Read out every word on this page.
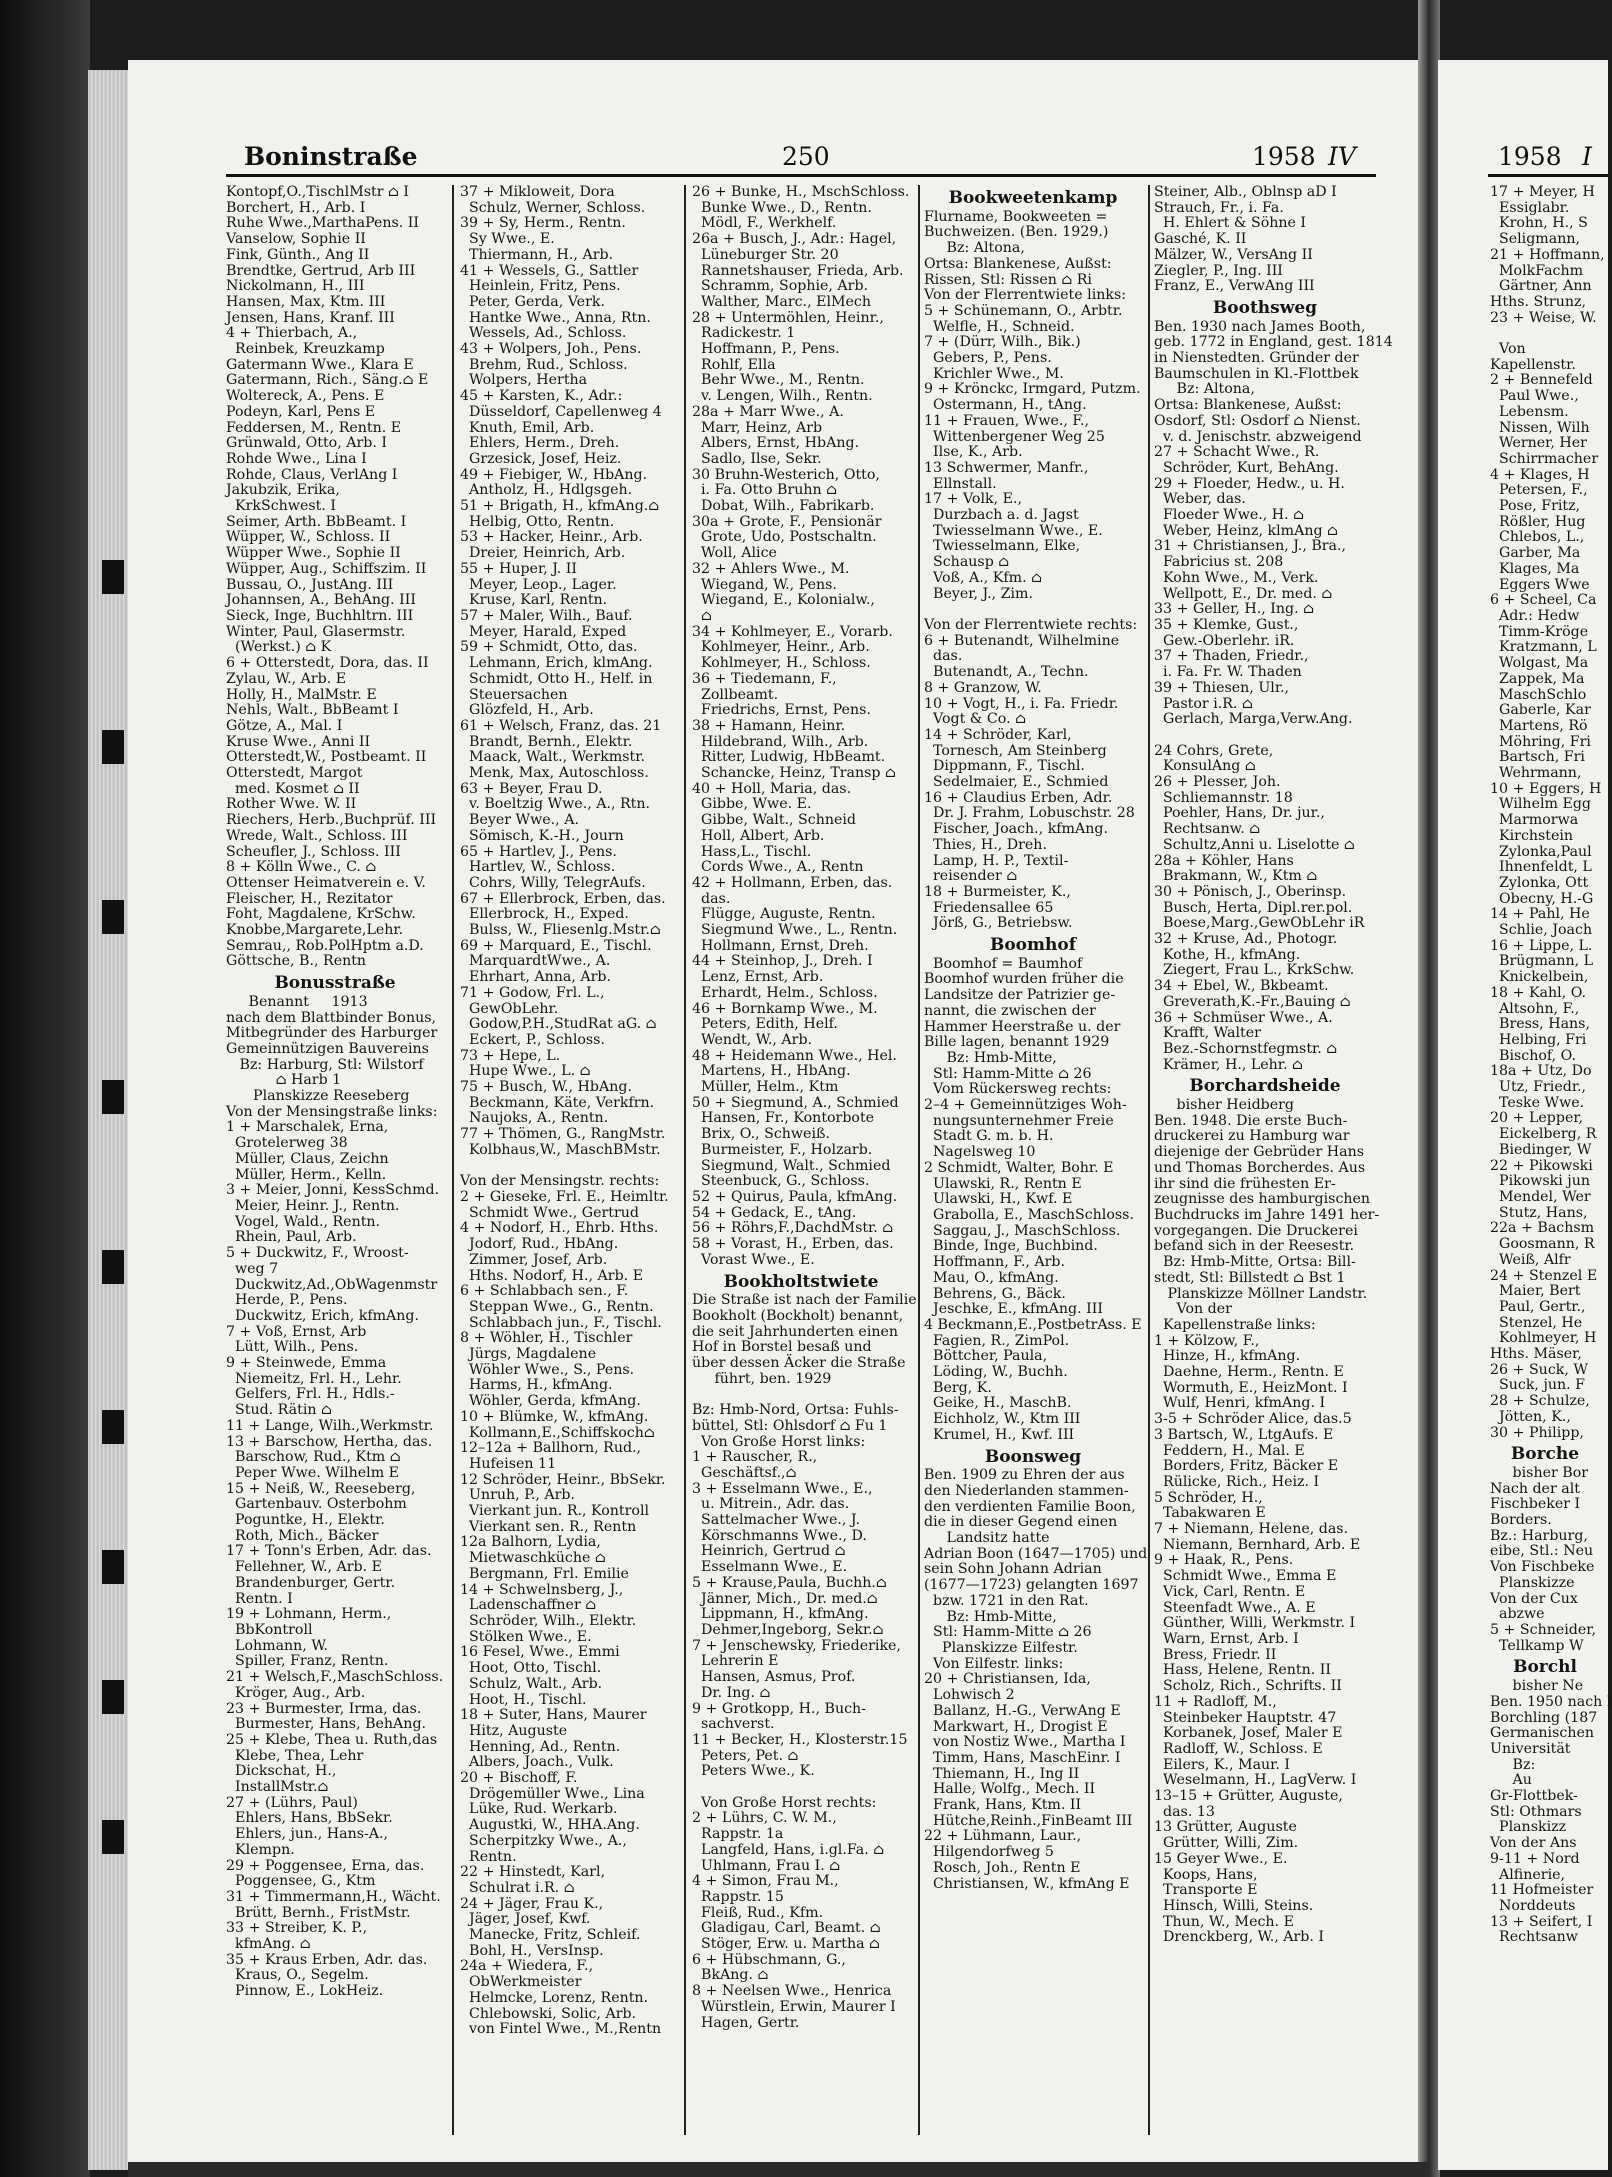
Boninstraße	250	1958 IV	1958 I
Kontopf,O.,TischlMstr ⌂ I
Borchert, H., Arb. I
Ruhe Wwe.,MarthaPens. II
Vanselow, Sophie II
Fink, Günth., Ang II
Brendtke, Gertrud, Arb III
Nickolmann, H., III
Hansen, Max, Ktm. III
Jensen, Hans, Kranf. III
4 + Thierbach, A.,
Reinbek, Kreuzkamp
Gatermann Wwe., Klara E
Gatermann, Rich., Säng.⌂ E
Woltereck, A., Pens. E
Podeyn, Karl, Pens E
Feddersen, M., Rentn. E
Grünwald, Otto, Arb. I
Rohde Wwe., Lina I
Rohde, Claus, VerlAng I
Jakubzik, Erika,
KrkSchwest. I
Seimer, Arth. BbBeamt. I
Wüpper, W., Schloss. II
Wüpper Wwe., Sophie II
Wüpper, Aug., Schiffszim. II
Bussau, O., JustAng. III
Johannsen, A., BehAng. III
Sieck, Inge, Buchhltrn. III
Winter, Paul, Glasermstr.
(Werkst.) ⌂ K
6 + Otterstedt, Dora, das. II
Zylau, W., Arb. E
Holly, H., MalMstr. E
Nehls, Walt., BbBeamt I
Götze, A., Mal. I
Kruse Wwe., Anni II
Otterstedt,W., Postbeamt. II
Otterstedt, Margot
med. Kosmet ⌂ II
Rother Wwe. W. II
Riechers, Herb.,Buchprüf. III
Wrede, Walt., Schloss. III
Scheufler, J., Schloss. III
8 + Kölln Wwe., C. ⌂
Ottenser Heimatverein e. V.
Fleischer, H., Rezitator
Foht, Magdalene, KrSchw.
Knobbe,Margarete,Lehr.
Semrau,, Rob.PolHptm a.D.
Göttsche, B., Rentn
Bonusstraße
Benannt     1913
nach dem Blattbinder Bonus,
Mitbegründer des Harburger
Gemeinnützigen Bauvereins
Bz: Harburg, Stl: Wilstorf
⌂ Harb 1
Planskizze Reeseberg
Von der Mensingstraße links:
1 + Marschalek, Erna,
Grotelerweg 38
Müller, Claus, Zeichn
Müller, Herm., Kelln.
3 + Meier, Jonni, KessSchmd.
Meier, Heinr. J., Rentn.
Vogel, Wald., Rentn.
Rhein, Paul, Arb.
5 + Duckwitz, F., Wroost-
weg 7
Duckwitz,Ad.,ObWagenmstr
Herde, P., Pens.
Duckwitz, Erich, kfmAng.
7 + Voß, Ernst, Arb
Lütt, Wilh., Pens.
9 + Steinwede, Emma
Niemeitz, Frl. H., Lehr.
Gelfers, Frl. H., Hdls.-
Stud. Rätin ⌂
11 + Lange, Wilh.,Werkmstr.
13 + Barschow, Hertha, das.
Barschow, Rud., Ktm ⌂
Peper Wwe. Wilhelm E
15 + Neiß, W., Reeseberg,
Gartenbauv. Osterbohm
Poguntke, H., Elektr.
Roth, Mich., Bäcker
17 + Tonn's Erben, Adr. das.
Fellehner, W., Arb. E
Brandenburger, Gertr.
Rentn. I
19 + Lohmann, Herm.,
BbKontroll
Lohmann, W.
Spiller, Franz, Rentn.
21 + Welsch,F.,MaschSchloss.
Kröger, Aug., Arb.
23 + Burmester, Irma, das.
Burmester, Hans, BehAng.
25 + Klebe, Thea u. Ruth,das
Klebe, Thea, Lehr
Dickschat, H.,
InstallMstr.⌂
27 + (Lührs, Paul)
Ehlers, Hans, BbSekr.
Ehlers, jun., Hans-A.,
Klempn.
29 + Poggensee, Erna, das.
Poggensee, G., Ktm
31 + Timmermann,H., Wächt.
Brütt, Bernh., FristMstr.
33 + Streiber, K. P.,
kfmAng. ⌂
35 + Kraus Erben, Adr. das.
Kraus, O., Segelm.
Pinnow, E., LokHeiz.
37 + Mikloweit, Dora
Schulz, Werner, Schloss.
39 + Sy, Herm., Rentn.
Sy Wwe., E.
Thiermann, H., Arb.
41 + Wessels, G., Sattler
Heinlein, Fritz, Pens.
Peter, Gerda, Verk.
Hantke Wwe., Anna, Rtn.
Wessels, Ad., Schloss.
43 + Wolpers, Joh., Pens.
Brehm, Rud., Schloss.
Wolpers, Hertha
45 + Karsten, K., Adr.:
Düsseldorf, Capellenweg 4
Knuth, Emil, Arb.
Ehlers, Herm., Dreh.
Grzesick, Josef, Heiz.
49 + Fiebiger, W., HbAng.
Antholz, H., Hdlgsgeh.
51 + Brigath, H., kfmAng.⌂
Helbig, Otto, Rentn.
53 + Hacker, Heinr., Arb.
Dreier, Heinrich, Arb.
55 + Huper, J. II
Meyer, Leop., Lager.
Kruse, Karl, Rentn.
57 + Maler, Wilh., Bauf.
Meyer, Harald, Exped
59 + Schmidt, Otto, das.
Lehmann, Erich, klmAng.
Schmidt, Otto H., Helf. in
Steuersachen
Glözfeld, H., Arb.
61 + Welsch, Franz, das. 21
Brandt, Bernh., Elektr.
Maack, Walt., Werkmstr.
Menk, Max, Autoschloss.
63 + Beyer, Frau D.
v. Boeltzig Wwe., A., Rtn.
Beyer Wwe., A.
Sömisch, K.-H., Journ
65 + Hartlev, J., Pens.
Hartlev, W., Schloss.
Cohrs, Willy, TelegrAufs.
67 + Ellerbrock, Erben, das.
Ellerbrock, H., Exped.
Bulss, W., Fliesenlg.Mstr.⌂
69 + Marquard, E., Tischl.
MarquardtWwe., A.
Ehrhart, Anna, Arb.
71 + Godow, Frl. L.,
GewObLehr.
Godow,P.H.,StudRat aG. ⌂
Eckert, P., Schloss.
73 + Hepe, L.
Hupe Wwe., L. ⌂
75 + Busch, W., HbAng.
Beckmann, Käte, Verkfrn.
Naujoks, A., Rentn.
77 + Thömen, G., RangMstr.
Kolbhaus,W., MaschBMstr.

Von der Mensingstr. rechts:
2 + Gieseke, Frl. E., Heimltr.
Schmidt Wwe., Gertrud
4 + Nodorf, H., Ehrb. Hths.
Jodorf, Rud., HbAng.
Zimmer, Josef, Arb.
Hths. Nodorf, H., Arb. E
6 + Schlabbach sen., F.
Steppan Wwe., G., Rentn.
Schlabbach jun., F., Tischl.
8 + Wöhler, H., Tischler
Jürgs, Magdalene
Wöhler Wwe., S., Pens.
Harms, H., kfmAng.
Wöhler, Gerda, kfmAng.
10 + Blümke, W., kfmAng.
Kollmann,E.,Schiffskoch⌂
12–12a + Ballhorn, Rud.,
Hufeisen 11
12 Schröder, Heinr., BbSekr.
Unruh, P., Arb.
Vierkant jun. R., Kontroll
Vierkant sen. R., Rentn
12a Balhorn, Lydia,
Mietwaschküche ⌂
Bergmann, Frl. Emilie
14 + Schwelnsberg, J.,
Ladenschaffner ⌂
Schröder, Wilh., Elektr.
Stölken Wwe., E.
16 Fesel, Wwe., Emmi
Hoot, Otto, Tischl.
Schulz, Walt., Arb.
Hoot, H., Tischl.
18 + Suter, Hans, Maurer
Hitz, Auguste
Henning, Ad., Rentn.
Albers, Joach., Vulk.
20 + Bischoff, F.
Drögemüller Wwe., Lina
Lüke, Rud. Werkarb.
Augustki, W., HHA.Ang.
Scherpitzky Wwe., A.,
Rentn.
22 + Hinstedt, Karl,
Schulrat i.R. ⌂
24 + Jäger, Frau K.,
Jäger, Josef, Kwf.
Manecke, Fritz, Schleif.
Bohl, H., VersInsp.
24a + Wiedera, F.,
ObWerkmeister
Helmcke, Lorenz, Rentn.
Chlebowski, Solic, Arb.
von Fintel Wwe., M.,Rentn
26 + Bunke, H., MschSchloss.
Bunke Wwe., D., Rentn.
Mödl, F., Werkhelf.
26a + Busch, J., Adr.: Hagel,
Lüneburger Str. 20
Rannetshauser, Frieda, Arb.
Schramm, Sophie, Arb.
Walther, Marc., ElMech
28 + Untermöhlen, Heinr.,
Radickestr. 1
Hoffmann, P., Pens.
Rohlf, Ella
Behr Wwe., M., Rentn.
v. Lengen, Wilh., Rentn.
28a + Marr Wwe., A.
Marr, Heinz, Arb
Albers, Ernst, HbAng.
Sadlo, Ilse, Sekr.
30 Bruhn-Westerich, Otto,
i. Fa. Otto Bruhn ⌂
Dobat, Wilh., Fabrikarb.
30a + Grote, F., Pensionär
Grote, Udo, Postschaltn.
Woll, Alice
32 + Ahlers Wwe., M.
Wiegand, W., Pens.
Wiegand, E., Kolonialw.,
⌂
34 + Kohlmeyer, E., Vorarb.
Kohlmeyer, Heinr., Arb.
Kohlmeyer, H., Schloss.
36 + Tiedemann, F.,
Zollbeamt.
Friedrichs, Ernst, Pens.
38 + Hamann, Heinr.
Hildebrand, Wilh., Arb.
Ritter, Ludwig, HbBeamt.
Schancke, Heinz, Transp ⌂
40 + Holl, Maria, das.
Gibbe, Wwe. E.
Gibbe, Walt., Schneid
Holl, Albert, Arb.
Hass,L., Tischl.
Cords Wwe., A., Rentn
42 + Hollmann, Erben, das.
das.
Flügge, Auguste, Rentn.
Siegmund Wwe., L., Rentn.
Hollmann, Ernst, Dreh.
44 + Steinhop, J., Dreh. I
Lenz, Ernst, Arb.
Erhardt, Helm., Schloss.
46 + Bornkamp Wwe., M.
Peters, Edith, Helf.
Wendt, W., Arb.
48 + Heidemann Wwe., Hel.
Martens, H., HbAng.
Müller, Helm., Ktm
50 + Siegmund, A., Schmied
Hansen, Fr., Kontorbote
Brix, O., Schweiß.
Burmeister, F., Holzarb.
Siegmund, Walt., Schmied
Steenbuck, G., Schloss.
52 + Quirus, Paula, kfmAng.
54 + Gedack, E., tAng.
56 + Röhrs,F.,DachdMstr. ⌂
58 + Vorast, H., Erben, das.
Vorast Wwe., E.
Bookholtstwiete
Die Straße ist nach der Familie
Bookholt (Bockholt) benannt,
die seit Jahrhunderten einen
Hof in Borstel besaß und
über dessen Äcker die Straße
führt, ben. 1929

Bz: Hmb-Nord, Ortsa: Fuhls-
büttel, Stl: Ohlsdorf ⌂ Fu 1
Von Große Horst links:
1 + Rauscher, R.,
Geschäftsf.,⌂
3 + Esselmann Wwe., E.,
u. Mitrein., Adr. das.
Sattelmacher Wwe., J.
Körschmanns Wwe., D.
Heinrich, Gertrud ⌂
Esselmann Wwe., E.
5 + Krause,Paula, Buchh.⌂
Jänner, Mich., Dr. med.⌂
Lippmann, H., kfmAng.
Dehmer,Ingeborg, Sekr.⌂
7 + Jenschewsky, Friederike,
Lehrerin E
Hansen, Asmus, Prof.
Dr. Ing. ⌂
9 + Grotkopp, H., Buch-
sachverst.
11 + Becker, H., Klosterstr.15
Peters, Pet. ⌂
Peters Wwe., K.

Von Große Horst rechts:
2 + Lührs, C. W. M.,
Rappstr. 1a
Langfeld, Hans, i.gl.Fa. ⌂
Uhlmann, Frau I. ⌂
4 + Simon, Frau M.,
Rappstr. 15
Fleiß, Rud., Kfm.
Gladigau, Carl, Beamt. ⌂
Stöger, Erw. u. Martha ⌂
6 + Hübschmann, G.,
BkAng. ⌂
8 + Neelsen Wwe., Henrica
Würstlein, Erwin, Maurer I
Hagen, Gertr.
Bookweetenkamp
Flurname, Bookweeten =
Buchweizen. (Ben. 1929.)
Bz: Altona,
Ortsa: Blankenese, Außst:
Rissen, Stl: Rissen ⌂ Ri
Von der Flerrentwiete links:
5 + Schünemann, O., Arbtr.
Welfle, H., Schneid.
7 + (Dürr, Wilh., Bik.)
Gebers, P., Pens.
Krichler Wwe., M.
9 + Krönckc, Irmgard, Putzm.
Ostermann, H., tAng.
11 + Frauen, Wwe., F.,
Wittenbergener Weg 25
Ilse, K., Arb.
13 Schwermer, Manfr.,
Ellnstall.
17 + Volk, E.,
Durzbach a. d. Jagst
Twiesselmann Wwe., E.
Twiesselmann, Elke,
Schausp ⌂
Voß, A., Kfm. ⌂
Beyer, J., Zim.

Von der Flerrentwiete rechts:
6 + Butenandt, Wilhelmine
das.
Butenandt, A., Techn.
8 + Granzow, W.
10 + Vogt, H., i. Fa. Friedr.
Vogt & Co. ⌂
14 + Schröder, Karl,
Tornesch, Am Steinberg
Dippmann, F., Tischl.
Sedelmaier, E., Schmied
16 + Claudius Erben, Adr.
Dr. J. Frahm, Lobuschstr. 28
Fischer, Joach., kfmAng.
Thies, H., Dreh.
Lamp, H. P., Textil-
reisender ⌂
18 + Burmeister, K.,
Friedensallee 65
Jörß, G., Betriebsw.
Boomhof
Boomhof = Baumhof
Boomhof wurden früher die
Landsitze der Patrizier ge-
nannt, die zwischen der
Hammer Heerstraße u. der
Bille lagen, benannt 1929
Bz: Hmb-Mitte,
Stl: Hamm-Mitte ⌂ 26
Vom Rückersweg rechts:
2–4 + Gemeinnütziges Woh-
nungsunternehmer Freie
Stadt G. m. b. H.
Nagelsweg 10
2 Schmidt, Walter, Bohr. E
Ulawski, R., Rentn E
Ulawski, H., Kwf. E
Grabolla, E., MaschSchloss.
Saggau, J., MaschSchloss.
Binde, Inge, Buchbind.
Hoffmann, F., Arb.
Mau, O., kfmAng.
Behrens, G., Bäck.
Jeschke, E., kfmAng. III
4 Beckmann,E.,PostbetrAss. E
Fagien, R., ZimPol.
Böttcher, Paula,
Löding, W., Buchh.
Berg, K.
Geike, H., MaschB.
Eichholz, W., Ktm III
Krumel, H., Kwf. III
Boonsweg
Ben. 1909 zu Ehren der aus
den Niederlanden stammen-
den verdienten Familie Boon,
die in dieser Gegend einen
Landsitz hatte
Adrian Boon (1647—1705) und
sein Sohn Johann Adrian
(1677—1723) gelangten 1697
bzw. 1721 in den Rat.
Bz: Hmb-Mitte,
Stl: Hamm-Mitte ⌂ 26
Planskizze Eilfestr.
Von Eilfestr. links:
20 + Christiansen, Ida,
Lohwisch 2
Ballanz, H.-G., VerwAng E
Markwart, H., Drogist E
von Nostiz Wwe., Martha I
Timm, Hans, MaschEinr. I
Thiemann, H., Ing II
Halle, Wolfg., Mech. II
Frank, Hans, Ktm. II
Hütche,Reinh.,FinBeamt III
22 + Lühmann, Laur.,
Hilgendorfweg 5
Rosch, Joh., Rentn E
Christiansen, W., kfmAng E
Steiner, Alb., Oblnsp aD I
Strauch, Fr., i. Fa.
H. Ehlert & Söhne I
Gasché, K. II
Mälzer, W., VersAng II
Ziegler, P., Ing. III
Franz, E., VerwAng III
Boothsweg
Ben. 1930 nach James Booth,
geb. 1772 in England, gest. 1814
in Nienstedten. Gründer der
Baumschulen in Kl.-Flottbek
Bz: Altona,
Ortsa: Blankenese, Außst:
Osdorf, Stl: Osdorf ⌂ Nienst.
v. d. Jenischstr. abzweigend
27 + Schacht Wwe., R.
Schröder, Kurt, BehAng.
29 + Floeder, Hedw., u. H.
Weber, das.
Floeder Wwe., H. ⌂
Weber, Heinz, klmAng ⌂
31 + Christiansen, J., Bra.,
Fabricius st. 208
Kohn Wwe., M., Verk.
Wellpott, E., Dr. med. ⌂
33 + Geller, H., Ing. ⌂
35 + Klemke, Gust.,
Gew.-Oberlehr. iR.
37 + Thaden, Friedr.,
i. Fa. Fr. W. Thaden
39 + Thiesen, Ulr.,
Pastor i.R. ⌂
Gerlach, Marga,Verw.Ang.

24 Cohrs, Grete,
KonsulAng ⌂
26 + Plesser, Joh.
Schliemannstr. 18
Poehler, Hans, Dr. jur.,
Rechtsanw. ⌂
Schultz,Anni u. Liselotte ⌂
28a + Köhler, Hans
Brakmann, W., Ktm ⌂
30 + Pönisch, J., Oberinsp.
Busch, Herta, Dipl.rer.pol.
Boese,Marg.,GewObLehr iR
32 + Kruse, Ad., Photogr.
Kothe, H., kfmAng.
Ziegert, Frau L., KrkSchw.
34 + Ebel, W., Bkbeamt.
Greverath,K.-Fr.,Bauing ⌂
36 + Schmüser Wwe., A.
Krafft, Walter
Bez.-Schornstfegmstr. ⌂
Krämer, H., Lehr. ⌂
Borchardsheide
bisher Heidberg
Ben. 1948. Die erste Buch-
druckerei zu Hamburg war
diejenige der Gebrüder Hans
und Thomas Borcherdes. Aus
ihr sind die frühesten Er-
zeugnisse des hamburgischen
Buchdrucks im Jahre 1491 her-
vorgegangen. Die Druckerei
befand sich in der Reesestr.
Bz: Hmb-Mitte, Ortsa: Bill-
stedt, Stl: Billstedt ⌂ Bst 1
Planskizze Möllner Landstr.
Von der
Kapellenstraße links:
1 + Kölzow, F.,
Hinze, H., kfmAng.
Daehne, Herm., Rentn. E
Wormuth, E., HeizMont. I
Wulf, Henri, kfmAng. I
3-5 + Schröder Alice, das.5
3 Bartsch, W., LtgAufs. E
Feddern, H., Mal. E
Borders, Fritz, Bäcker E
Rülicke, Rich., Heiz. I
5 Schröder, H.,
Tabakwaren E
7 + Niemann, Helene, das.
Niemann, Bernhard, Arb. E
9 + Haak, R., Pens.
Schmidt Wwe., Emma E
Vick, Carl, Rentn. E
Steenfadt Wwe., A. E
Günther, Willi, Werkmstr. I
Warn, Ernst, Arb. I
Bress, Friedr. II
Hass, Helene, Rentn. II
Scholz, Rich., Schrifts. II
11 + Radloff, M.,
Steinbeker Hauptstr. 47
Korbanek, Josef, Maler E
Radloff, W., Schloss. E
Eilers, K., Maur. I
Weselmann, H., LagVerw. I
13–15 + Grütter, Auguste,
das. 13
13 Grütter, Auguste
Grütter, Willi, Zim.
15 Geyer Wwe., E.
Koops, Hans,
Transporte E
Hinsch, Willi, Steins.
Thun, W., Mech. E
Drenckberg, W., Arb. I
17 + Meyer, H
Essiglabr.
Krohn, H., S
Seligmann,
21 + Hoffmann,
MolkFachm
Gärtner, Ann
Hths. Strunz,
23 + Weise, W.

Von
Kapellenstr.
2 + Bennefeld
Paul Wwe.,
Lebensm.
Nissen, Wilh
Werner, Her
Schirrmacher
4 + Klages, H
Petersen, F.,
Pose, Fritz,
Rößler, Hug
Chlebos, L.,
Garber, Ma
Klages, Ma
Eggers Wwe
6 + Scheel, Ca
Adr.: Hedw
Timm-Kröge
Kratzmann, L
Wolgast, Ma
Zappek, Ma
MaschSchlo
Gaberle, Kar
Martens, Rö
Möhring, Fri
Bartsch, Fri
Wehrmann,
10 + Eggers, H
Wilhelm Egg
Marmorwa
Kirchstein
Zylonka,Paul
Ihnenfeldt, L
Zylonka, Ott
Obecny, H.-G
14 + Pahl, He
Schlie, Joach
16 + Lippe, L.
Brügmann, L
Knickelbein,
18 + Kahl, O.
Altsohn, F.,
Bress, Hans,
Helbing, Fri
Bischof, O.
18a + Utz, Do
Utz, Friedr.,
Teske Wwe.
20 + Lepper,
Eickelberg, R
Biedinger, W
22 + Pikowski
Pikowski jun
Mendel, Wer
Stutz, Hans,
22a + Bachsm
Goosmann, R
Weiß, Alfr
24 + Stenzel E
Maier, Bert
Paul, Gertr.,
Stenzel, He
Kohlmeyer, H
Hths. Mäser,
26 + Suck, W
Suck, jun. F
28 + Schulze,
Jötten, K.,
30 + Philipp,
Borche
bisher Bor
Nach der alt
Fischbeker I
Borders.
Bz.: Harburg,
eibe, Stl.: Neu
Von Fischbeke
Planskizze
Von der Cux
abzwe
5 + Schneider,
Tellkamp W
Borchl
bisher Ne
Ben. 1950 nach I
Borchling (187
Germanischen
Universität
Bz:
Au
Gr-Flottbek-
Stl: Othmars
Planskizz
Von der Ans
9-11 + Nord
Alfinerie,
11 Hofmeister
Norddeuts
13 + Seifert, I
Rechtsanw
